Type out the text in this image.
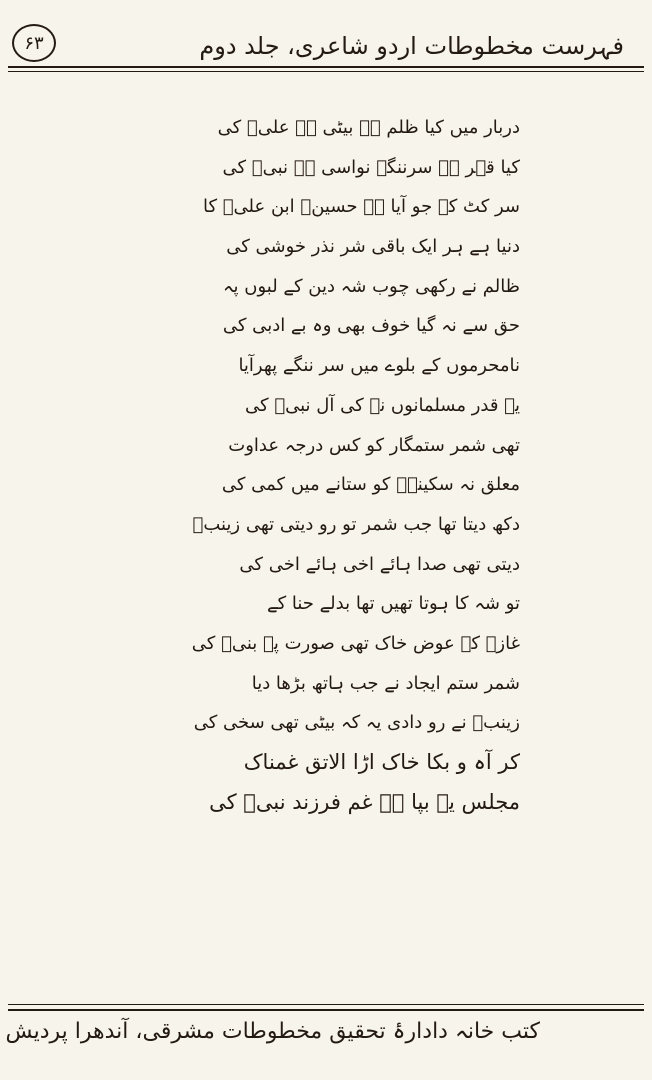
فہرست مخطوطات اردو شاعری، جلد دوم
۶۳
دربار میں کیا ظلم ہے بیٹی ہے علیؑ کی
کیا قہر ہے سرننگے نواسی ہے نبیؐ کی
سر کٹ کے جو آیا ہے حسینؑ ابن علیؑ کا
دنیا ہے ہر ایک باقی شر نذر خوشی کی
ظالم نے رکھی چوب شہ دین کے لبوں پہ
حق سے نہ گیا خوف بھی وہ بے ادبی کی
نامحرموں کے بلوے میں سر ننگے پھرآیا
یہ قدر مسلمانوں نے کی آل نبیؐ کی
تھی شمر ستمگار کو کس درجہ عداوت
معلق نہ سکینہؑ کو ستانے میں کمی کی
دکھ دیتا تھا جب شمر تو رو دیتی تھی زینبؑ
دیتی تھی صدا ہائے اخی ہائے اخی کی
تو شہ کا ہوتا تھیں تھا بدلے حنا کے
غازہ کے عوض خاک تھی صورت پہ بنیؑ کی
شمر ستم ایجاد نے جب ہاتھ بڑھا دیا
زینبؑ نے رو دادی یہ کہ بیٹی تھی سخی کی
کر آہ و بکا خاک اڑا الاتق غمناک
مجلس یہ بپا ہے غم فرزند نبیؐ کی
کتب خانہ دادارۂ تحقیق مخطوطات مشرقی، آندھرا پردیش
